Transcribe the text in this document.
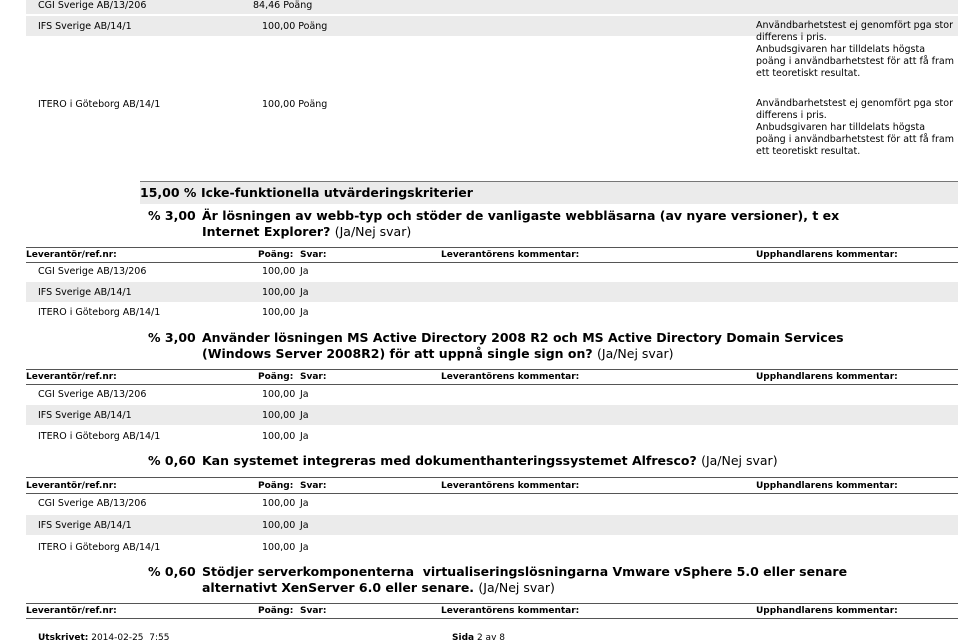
CGI Sverige AB/13/206	84,46 Poäng
IFS Sverige AB/14/1	100,00 Poäng	Användbarhetstest ej genomfört pga stor differens i pris.
Anbudsgivaren har tilldelats högsta poäng i användbarhetstest för att få fram ett teoretiskt resultat.
ITERO i Göteborg AB/14/1	100,00 Poäng	Användbarhetstest ej genomfört pga stor differens i pris.
Anbudsgivaren har tilldelats högsta poäng i användbarhetstest för att få fram ett teoretiskt resultat.
15,00 % Icke-funktionella utvärderingskriterier
% 3,00 Är lösningen av webb-typ och stöder de vanligaste webbläsarna (av nyare versioner), t ex
Internet Explorer? (Ja/Nej svar)
Leverantör/ref.nr:	Poäng: Svar:	Leverantörens kommentar:	Upphandlarens kommentar:
CGI Sverige AB/13/206	100,00 Ja
IFS Sverige AB/14/1	100,00 Ja
ITERO i Göteborg AB/14/1	100,00 Ja
% 3,00 Använder lösningen MS Active Directory 2008 R2 och MS Active Directory Domain Services
(Windows Server 2008R2) för att uppnå single sign on? (Ja/Nej svar)
Leverantör/ref.nr:	Poäng: Svar:	Leverantörens kommentar:	Upphandlarens kommentar:
CGI Sverige AB/13/206	100,00 Ja
IFS Sverige AB/14/1	100,00 Ja
ITERO i Göteborg AB/14/1	100,00 Ja
% 0,60 Kan systemet integreras med dokumenthanteringssystemet Alfresco? (Ja/Nej svar)
Leverantör/ref.nr:	Poäng: Svar:	Leverantörens kommentar:	Upphandlarens kommentar:
CGI Sverige AB/13/206	100,00 Ja
IFS Sverige AB/14/1	100,00 Ja
ITERO i Göteborg AB/14/1	100,00 Ja
% 0,60 Stödjer serverkomponenterna  virtualiseringslösningarna Vmware vSphere 5.0 eller senare
alternativt XenServer 6.0 eller senare. (Ja/Nej svar)
Leverantör/ref.nr:	Poäng: Svar:	Leverantörens kommentar:	Upphandlarens kommentar:
Utskrivet: 2014-02-25  7:55	Sida 2 av 8
